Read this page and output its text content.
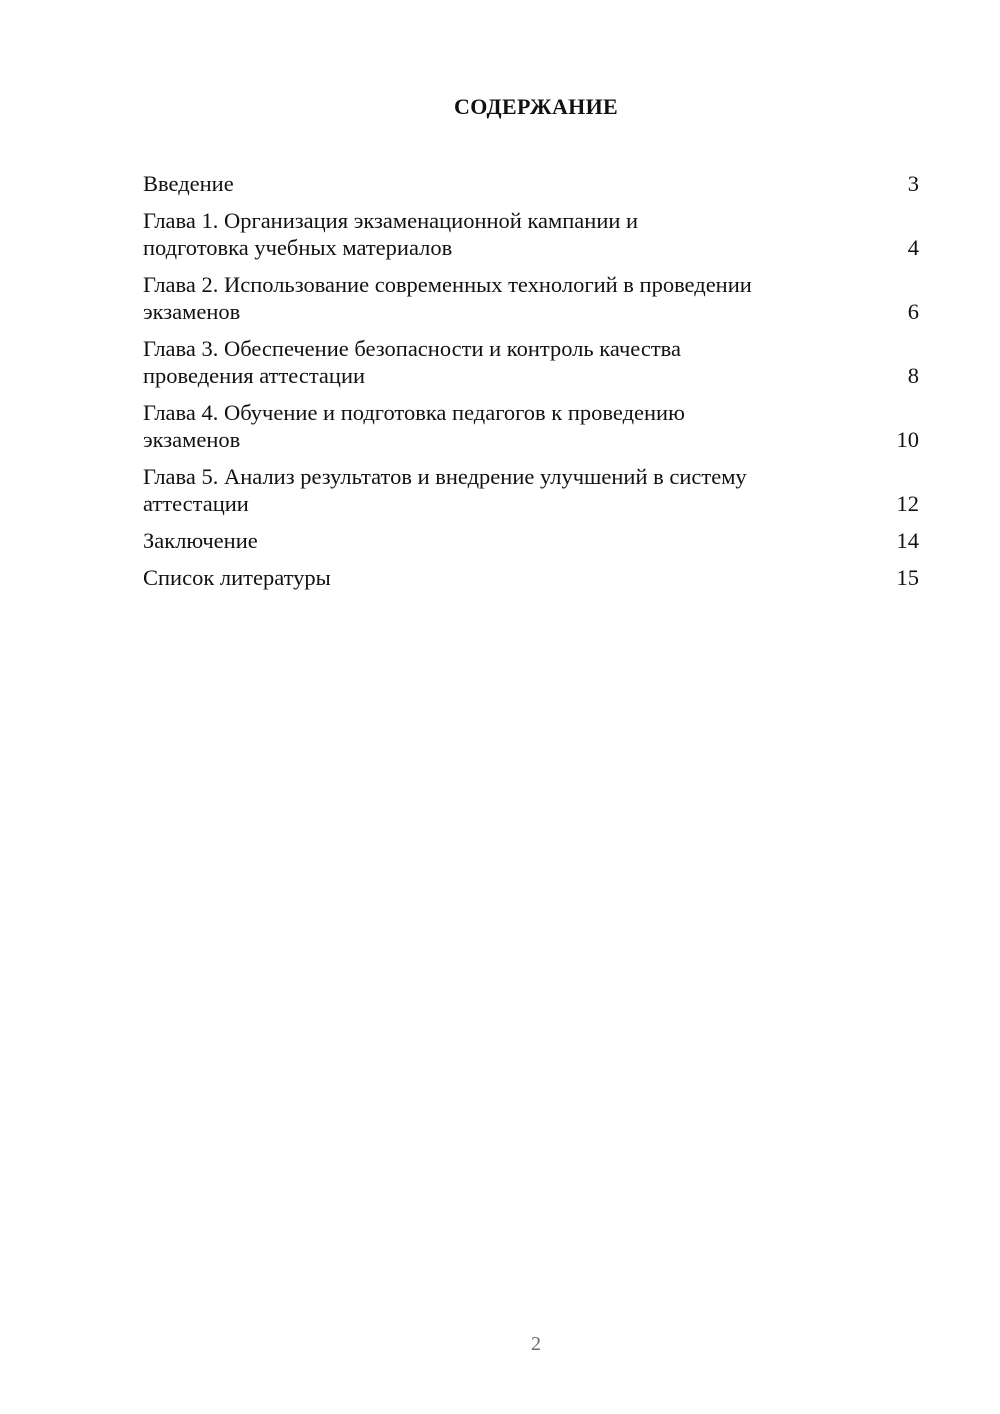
СОДЕРЖАНИЕ
Введение	3
Глава 1. Организация экзаменационной кампании и
подготовка учебных материалов	4
Глава 2. Использование современных технологий в проведении
экзаменов	6
Глава 3. Обеспечение безопасности и контроль качества
проведения аттестации	8
Глава 4. Обучение и подготовка педагогов к проведению
экзаменов	10
Глава 5. Анализ результатов и внедрение улучшений в систему
аттестации	12
Заключение	14
Список литературы	15
2
